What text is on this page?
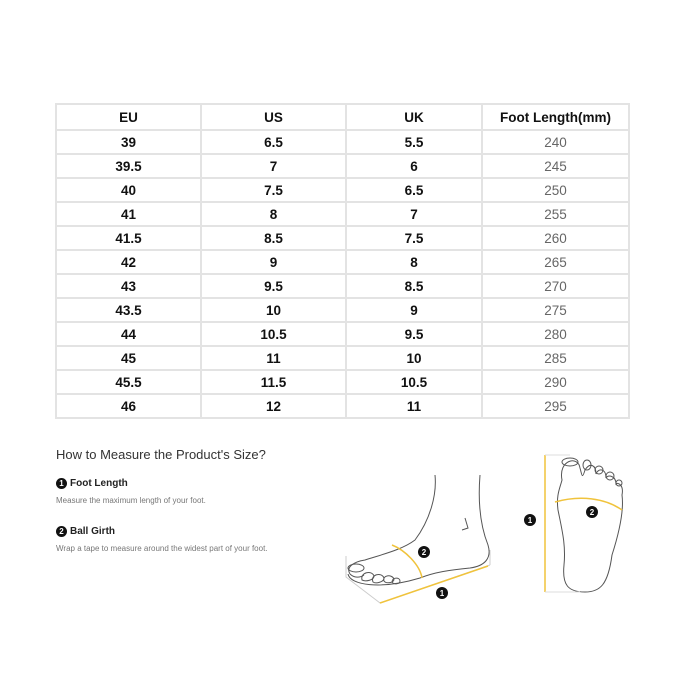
EU	US	UK	Foot Length(mm)
39	6.5	5.5	240
39.5	7	6	245
40	7.5	6.5	250
41	8	7	255
41.5	8.5	7.5	260
42	9	8	265
43	9.5	8.5	270
43.5	10	9	275
44	10.5	9.5	280
45	11	10	285
45.5	11.5	10.5	290
46	12	11	295
How to Measure the Product's Size?
1 Foot Length
Measure the maximum length of your foot.
2 Ball Girth
Wrap a tape to measure around the widest part of your foot.	2
1
1
2
